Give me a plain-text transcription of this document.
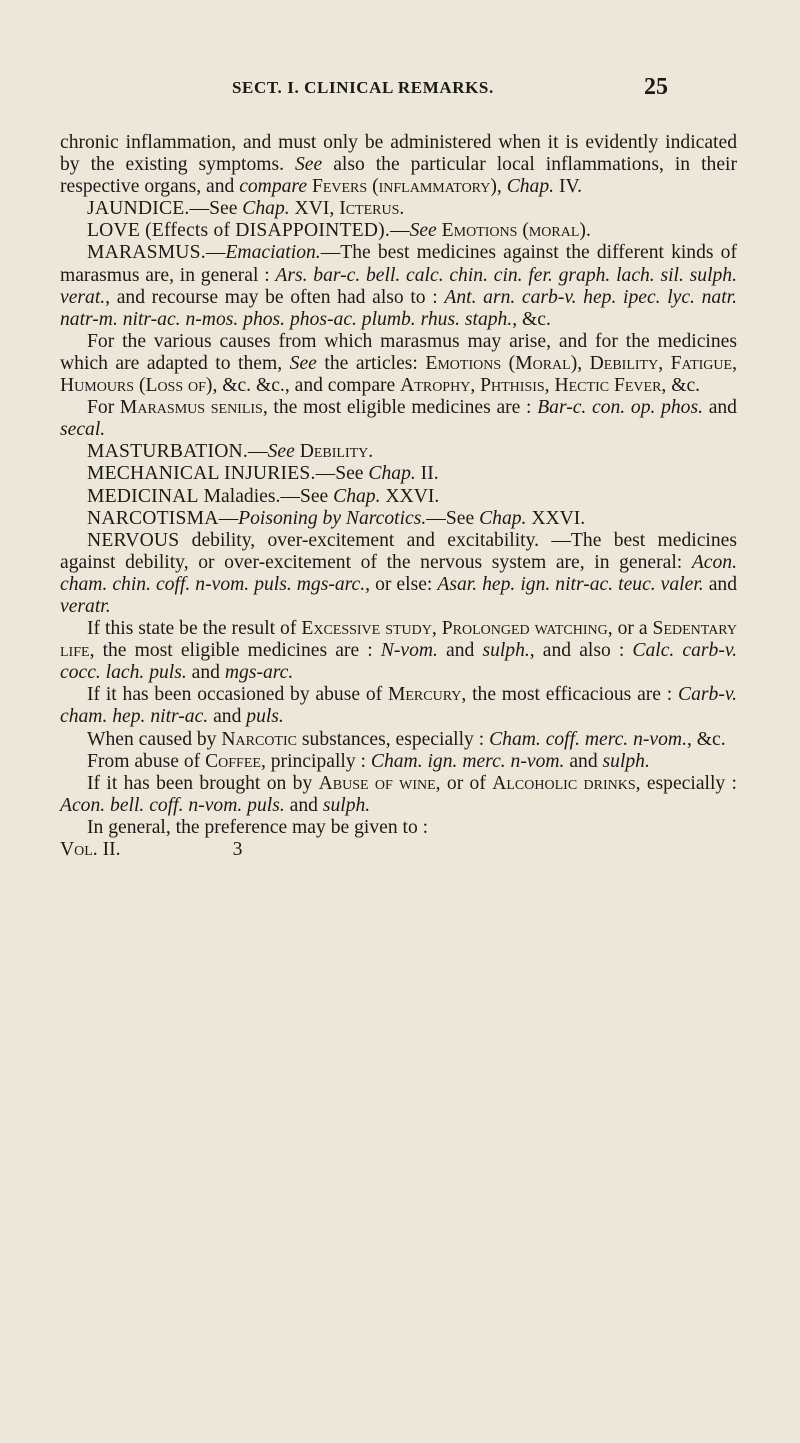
SECT. I. CLINICAL REMARKS.	25

chronic inflammation, and must only be administered when it is evidently indicated by the existing symptoms. See also the particular local inflammations, in their respective organs, and compare Fevers (inflammatory), Chap. IV.

JAUNDICE.—See Chap. XVI, Icterus.

LOVE (Effects of DISAPPOINTED).—See Emotions (moral).

MARASMUS.—Emaciation.—The best medicines against the different kinds of marasmus are, in general : Ars. bar-c. bell. calc. chin. cin. fer. graph. lach. sil. sulph. verat., and recourse may be often had also to : Ant. arn. carb-v. hep. ipec. lyc. natr. natr-m. nitr-ac. n-mos. phos. phos-ac. plumb. rhus. staph., &c.

For the various causes from which marasmus may arise, and for the medicines which are adapted to them, See the articles: Emotions (Moral), Debility, Fatigue, Humours (Loss of), &c. &c., and compare Atrophy, Phthisis, Hectic Fever, &c.

For Marasmus senilis, the most eligible medicines are : Bar-c. con. op. phos. and secal.

MASTURBATION.—See Debility.

MECHANICAL INJURIES.—See Chap. II.

MEDICINAL Maladies.—See Chap. XXVI.

NARCOTISMA—Poisoning by Narcotics.—See Chap. XXVI.

NERVOUS debility, over-excitement and excitability. —The best medicines against debility, or over-excitement of the nervous system are, in general: Acon. cham. chin. coff. n-vom. puls. mgs-arc., or else: Asar. hep. ign. nitr-ac. teuc. valer. and veratr.

If this state be the result of Excessive study, Prolonged watching, or a Sedentary life, the most eligible medicines are : N-vom. and sulph., and also : Calc. carb-v. cocc. lach. puls. and mgs-arc.

If it has been occasioned by abuse of Mercury, the most efficacious are : Carb-v. cham. hep. nitr-ac. and puls.

When caused by Narcotic substances, especially : Cham. coff. merc. n-vom., &c.

From abuse of Coffee, principally : Cham. ign. merc. n-vom. and sulph.

If it has been brought on by Abuse of wine, or of Alcoholic drinks, especially : Acon. bell. coff. n-vom. puls. and sulph.

In general, the preference may be given to :

Vol. II.	3
